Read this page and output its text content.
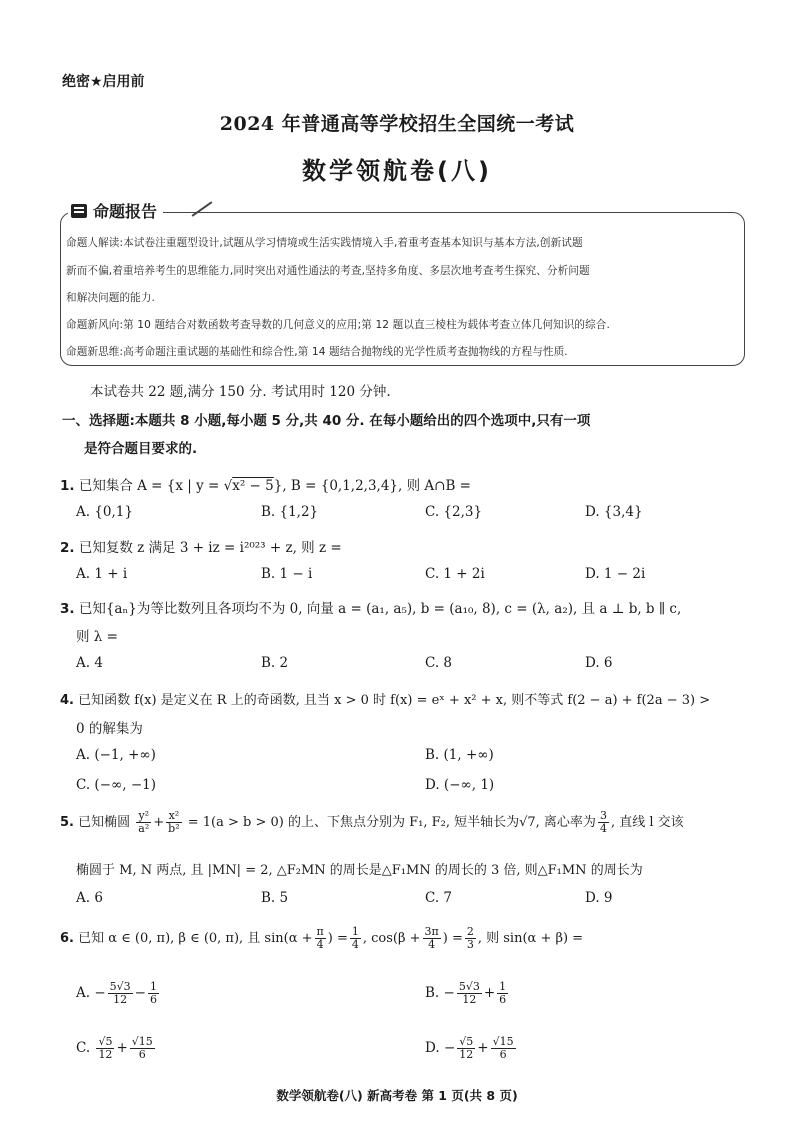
绝密★启用前
2024 年普通高等学校招生全国统一考试
数学领航卷(八)
命题报告
命题人解读:本试卷注重题型设计,试题从学习情境或生活实践情境入手,着重考查基本知识与基本方法,创新试题
新而不偏,着重培养考生的思维能力,同时突出对通性通法的考查,坚持多角度、多层次地考查考生探究、分析问题
和解决问题的能力.
命题新风向:第 10 题结合对数函数考查导数的几何意义的应用;第 12 题以直三棱柱为载体考查立体几何知识的综合.
命题新思维:高考命题注重试题的基础性和综合性,第 14 题结合抛物线的光学性质考查抛物线的方程与性质.
本试卷共 22 题,满分 150 分. 考试用时 120 分钟.
一、选择题:本题共 8 小题,每小题 5 分,共 40 分. 在每小题给出的四个选项中,只有一项
是符合题目要求的.
1. 已知集合 A = {x | y = √x² − 5}, B = {0,1,2,3,4}, 则 A∩B =
A. {0,1}	B. {1,2}	C. {2,3}	D. {3,4}
2. 已知复数 z 满足 3 + iz = i²⁰²³ + z, 则 z =
A. 1 + i	B. 1 − i	C. 1 + 2i	D. 1 − 2i
3. 已知{aₙ}为等比数列且各项均不为 0, 向量 a = (a₁, a₅), b = (a₁₀, 8), c = (λ, a₂), 且 a ⊥ b, b ∥ c,
则 λ =
A. 4	B. 2	C. 8	D. 6
4. 已知函数 f(x) 是定义在 R 上的奇函数, 且当 x > 0 时 f(x) = eˣ + x² + x, 则不等式 f(2 − a) + f(2a − 3) >
0 的解集为
A. (−1, +∞)	B. (1, +∞)
C. (−∞, −1)	D. (−∞, 1)
5. 已知椭圆 $\frac{\text{y²}}{\text{a²}} + \frac{\text{x²}}{\text{b²}} = 1(a > b > 0)$ 的上、下焦点分别为 F₁, F₂, 短半轴长为√7, 离心率为 $\frac{3}{4}$ , 直线 l 交该
椭圆于 M, N 两点, 且 |MN| = 2, △F₂MN 的周长是△F₁MN 的周长的 3 倍, 则△F₁MN 的周长为
A. 6	B. 5	C. 7	D. 9
6. 已知 α ∈ (0, π), β ∈ (0, π), 且 $\sin(\alpha + \frac{\pi}{4}$ ) = $\frac{1}{4}$ , $\cos(\beta + \frac{3\pi}{4}$ ) = $\frac{2}{3}$ , 则 sin(α + β) =
A. − $\frac{5√3}{12} - \frac{1}{6}$	B. − $\frac{5√3}{12} + \frac{1}{6}$
C. $\frac{√5}{12} + \frac{√15}{6}$	D. − $\frac{√5}{12} + \frac{√15}{6}$
数学领航卷(八) 新高考卷 第 1 页(共 8 页)
